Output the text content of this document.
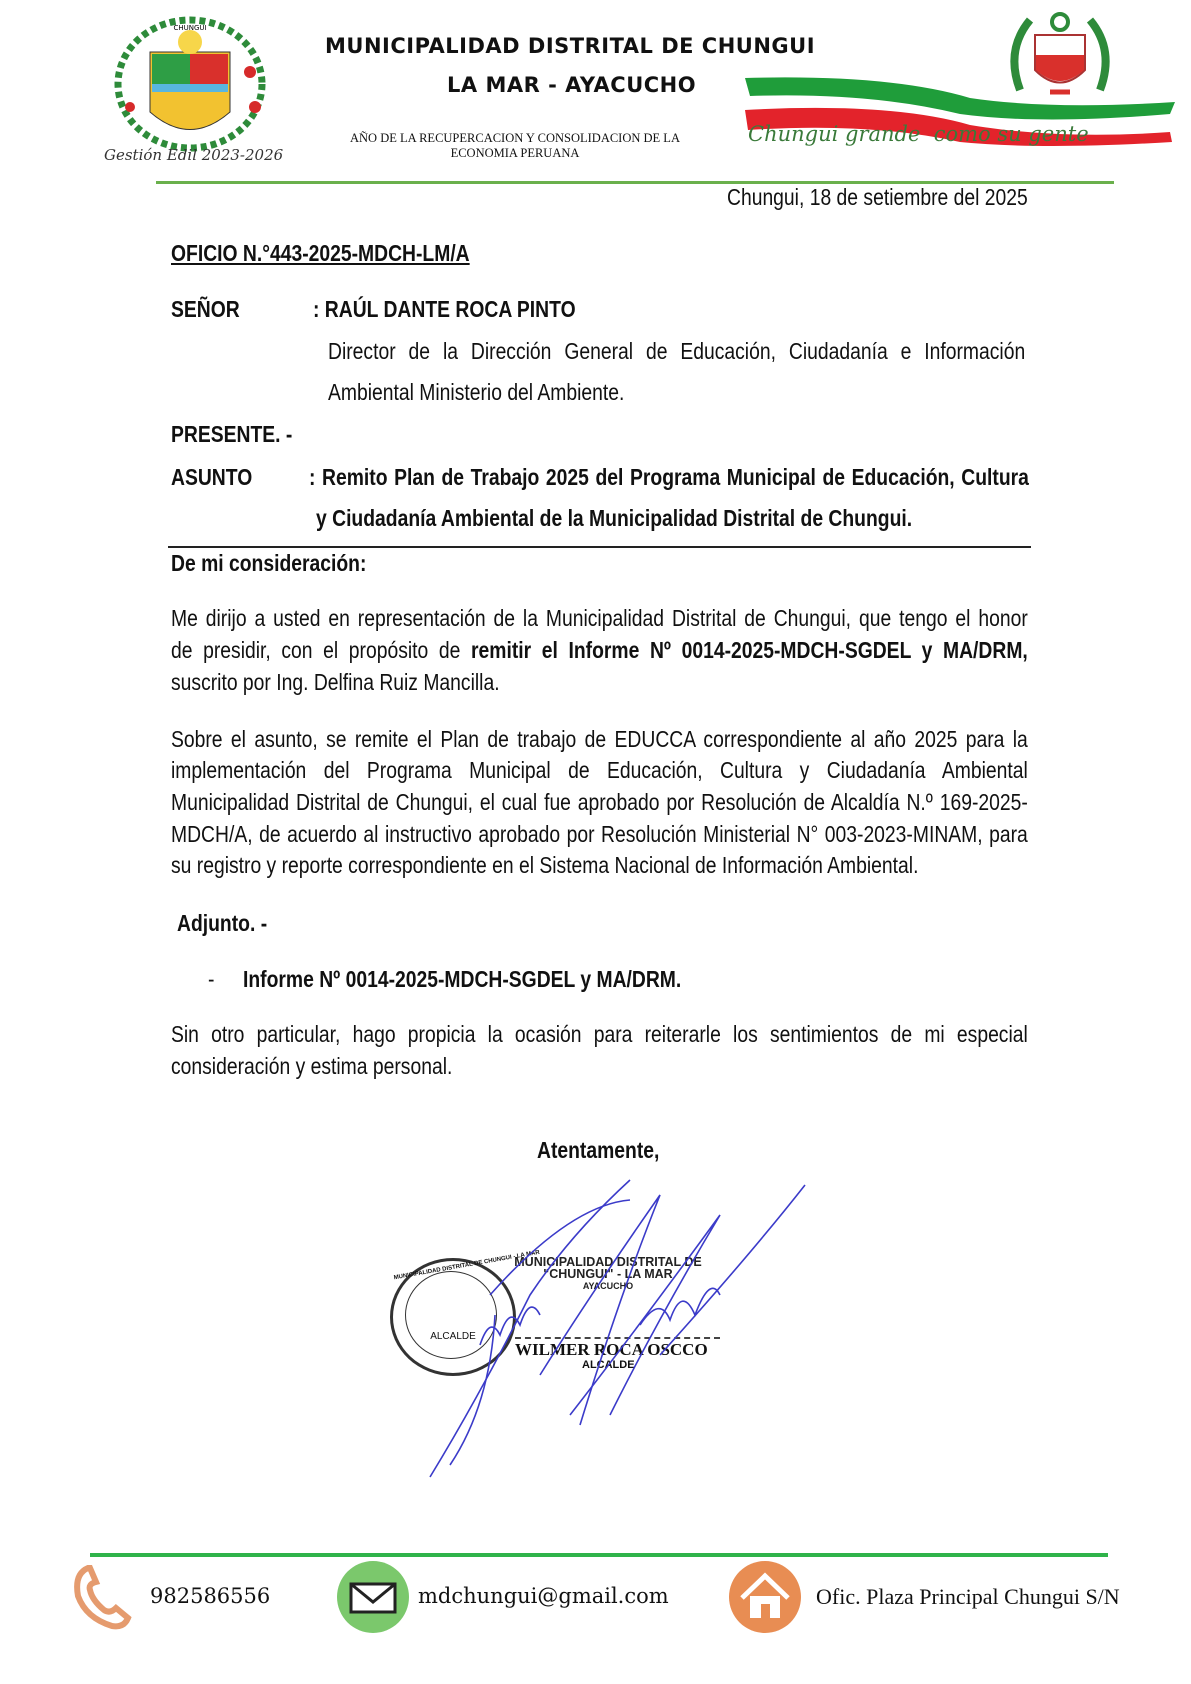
CHUNGUI
Gestión Edil 2023-2026
MUNICIPALIDAD DISTRITAL DE CHUNGUI
LA MAR - AYACUCHO
AÑO DE LA RECUPERCACION Y CONSOLIDACION DE LA
ECONOMIA PERUANA
Chungui grande  como su gente
Chungui, 18 de setiembre del 2025
OFICIO N.°443-2025-MDCH-LM/A
SEÑOR	: RAÚL DANTE ROCA PINTO
Director de la Dirección General de Educación, Ciudadanía e Información
Ambiental Ministerio del Ambiente.
PRESENTE. -
ASUNTO : Remito Plan de Trabajo 2025 del Programa Municipal de Educación, Cultura
y Ciudadanía Ambiental de la Municipalidad Distrital de Chungui.
De mi consideración:
Me dirijo a usted en representación de la Municipalidad Distrital de Chungui, que tengo el honor
de presidir, con el propósito de remitir el Informe Nº 0014-2025-MDCH-SGDEL y MA/DRM,
suscrito por Ing. Delfina Ruiz Mancilla.
Sobre el asunto, se remite el Plan de trabajo de EDUCCA correspondiente al año 2025 para la
implementación del Programa Municipal de Educación, Cultura y Ciudadanía Ambiental
Municipalidad Distrital de Chungui, el cual fue aprobado por Resolución de Alcaldía N.º 169-2025-
MDCH/A, de acuerdo al instructivo aprobado por Resolución Ministerial N° 003-2023-MINAM, para
su registro y reporte correspondiente en el Sistema Nacional de Información Ambiental.
Adjunto. -
- Informe Nº 0014-2025-MDCH-SGDEL y MA/DRM.
Sin otro particular, hago propicia la ocasión para reiterarle los sentimientos de mi especial
consideración y estima personal.
Atentamente,
ALCALDE
MUNICIPALIDAD DISTRITAL DE CHUNGUI - LA MAR
MUNICIPALIDAD DISTRITAL DE
"CHUNGUI" - LA MAR
AYACUCHO
WILMER ROCA OSCCO
ALCALDE
982586556	mdchungui@gmail.com	Ofic. Plaza Principal Chungui S/N
